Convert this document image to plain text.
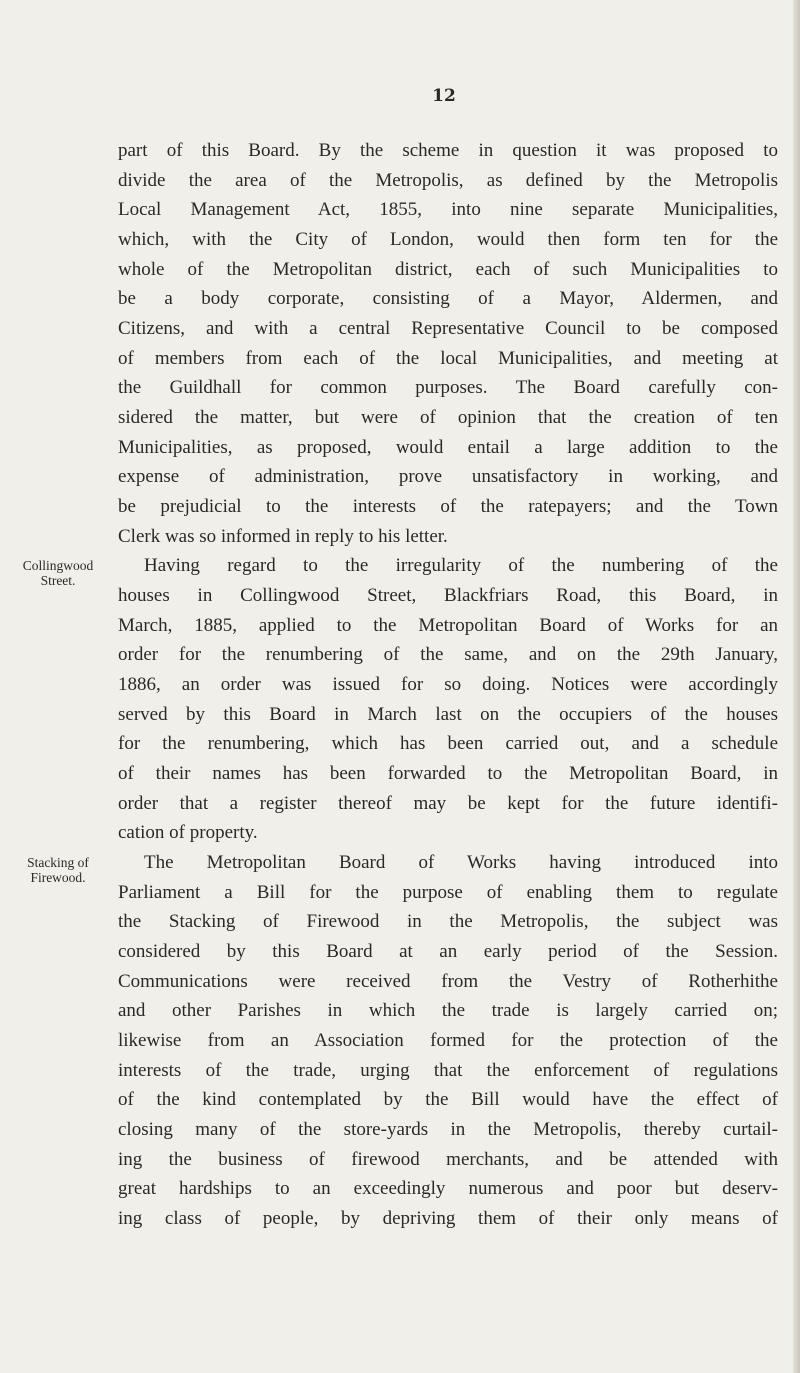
12
Collingwood
Street.
Stacking of
Firewood.
part of this Board. By the scheme in question it was proposed to
divide the area of the Metropolis, as defined by the Metropolis
Local Management Act, 1855, into nine separate Municipalities,
which, with the City of London, would then form ten for the
whole of the Metropolitan district, each of such Municipalities to
be a body corporate, consisting of a Mayor, Aldermen, and
Citizens, and with a central Representative Council to be composed
of members from each of the local Municipalities, and meeting at
the Guildhall for common purposes. The Board carefully con-
sidered the matter, but were of opinion that the creation of ten
Municipalities, as proposed, would entail a large addition to the
expense of administration, prove unsatisfactory in working, and
be prejudicial to the interests of the ratepayers; and the Town
Clerk was so informed in reply to his letter.
Having regard to the irregularity of the numbering of the
houses in Collingwood Street, Blackfriars Road, this Board, in
March, 1885, applied to the Metropolitan Board of Works for an
order for the renumbering of the same, and on the 29th January,
1886, an order was issued for so doing. Notices were accordingly
served by this Board in March last on the occupiers of the houses
for the renumbering, which has been carried out, and a schedule
of their names has been forwarded to the Metropolitan Board, in
order that a register thereof may be kept for the future identifi-
cation of property.
The Metropolitan Board of Works having introduced into
Parliament a Bill for the purpose of enabling them to regulate
the Stacking of Firewood in the Metropolis, the subject was
considered by this Board at an early period of the Session.
Communications were received from the Vestry of Rotherhithe
and other Parishes in which the trade is largely carried on;
likewise from an Association formed for the protection of the
interests of the trade, urging that the enforcement of regulations
of the kind contemplated by the Bill would have the effect of
closing many of the store-yards in the Metropolis, thereby curtail-
ing the business of firewood merchants, and be attended with
great hardships to an exceedingly numerous and poor but deserv-
ing class of people, by depriving them of their only means of
